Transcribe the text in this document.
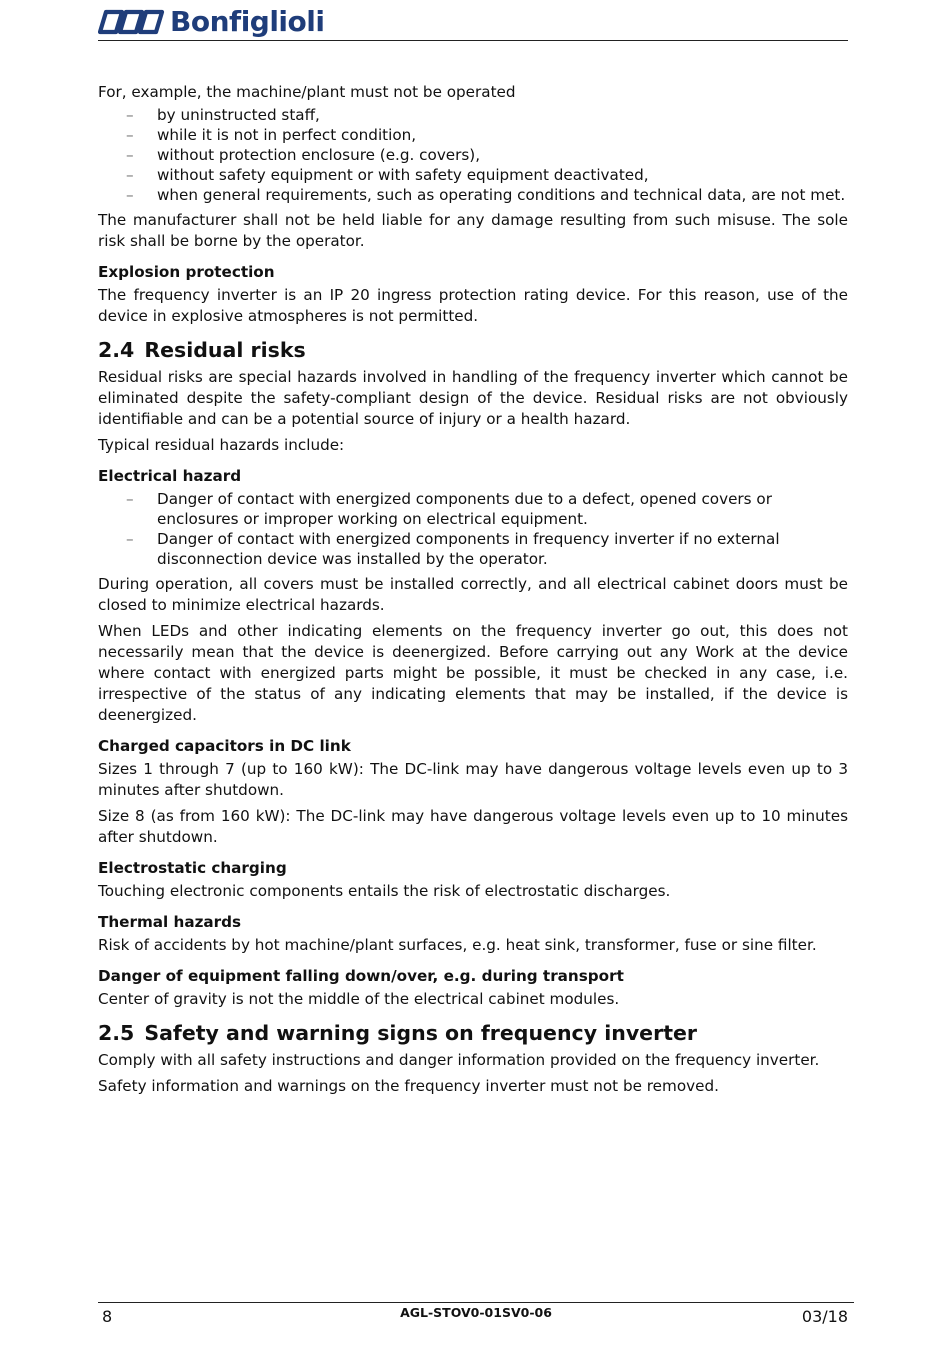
Bonfiglioli

For, example, the machine/plant must not be operated

– by uninstructed staff,
– while it is not in perfect condition,
– without protection enclosure (e.g. covers),
– without safety equipment or with safety equipment deactivated,
– when general requirements, such as operating conditions and technical data, are not met.

The manufacturer shall not be held liable for any damage resulting from such misuse. The sole risk shall be borne by the operator.

Explosion protection

The frequency inverter is an IP 20 ingress protection rating device. For this reason, use of the device in explosive atmospheres is not permitted.

2.4 Residual risks

Residual risks are special hazards involved in handling of the frequency inverter which cannot be eliminated despite the safety-compliant design of the device. Residual risks are not obviously identifiable and can be a potential source of injury or a health hazard.

Typical residual hazards include:

Electrical hazard
– Danger of contact with energized components due to a defect, opened covers or enclosures or improper working on electrical equipment.
– Danger of contact with energized components in frequency inverter if no external disconnection device was installed by the operator.

During operation, all covers must be installed correctly, and all electrical cabinet doors must be closed to minimize electrical hazards.

When LEDs and other indicating elements on the frequency inverter go out, this does not necessarily mean that the device is deenergized. Before carrying out any Work at the device where contact with energized parts might be possible, it must be checked in any case, i.e. irrespective of the status of any indicating elements that may be installed, if the device is deenergized.

Charged capacitors in DC link

Sizes 1 through 7 (up to 160 kW): The DC-link may have dangerous voltage levels even up to 3 minutes after shutdown.

Size 8 (as from 160 kW): The DC-link may have dangerous voltage levels even up to 10 minutes after shutdown.

Electrostatic charging

Touching electronic components entails the risk of electrostatic discharges.

Thermal hazards

Risk of accidents by hot machine/plant surfaces, e.g. heat sink, transformer, fuse or sine filter.

Danger of equipment falling down/over, e.g. during transport

Center of gravity is not the middle of the electrical cabinet modules.

2.5 Safety and warning signs on frequency inverter

Comply with all safety instructions and danger information provided on the frequency inverter.

Safety information and warnings on the frequency inverter must not be removed.

8	AGL-STOV0-01SV0-06	03/18
